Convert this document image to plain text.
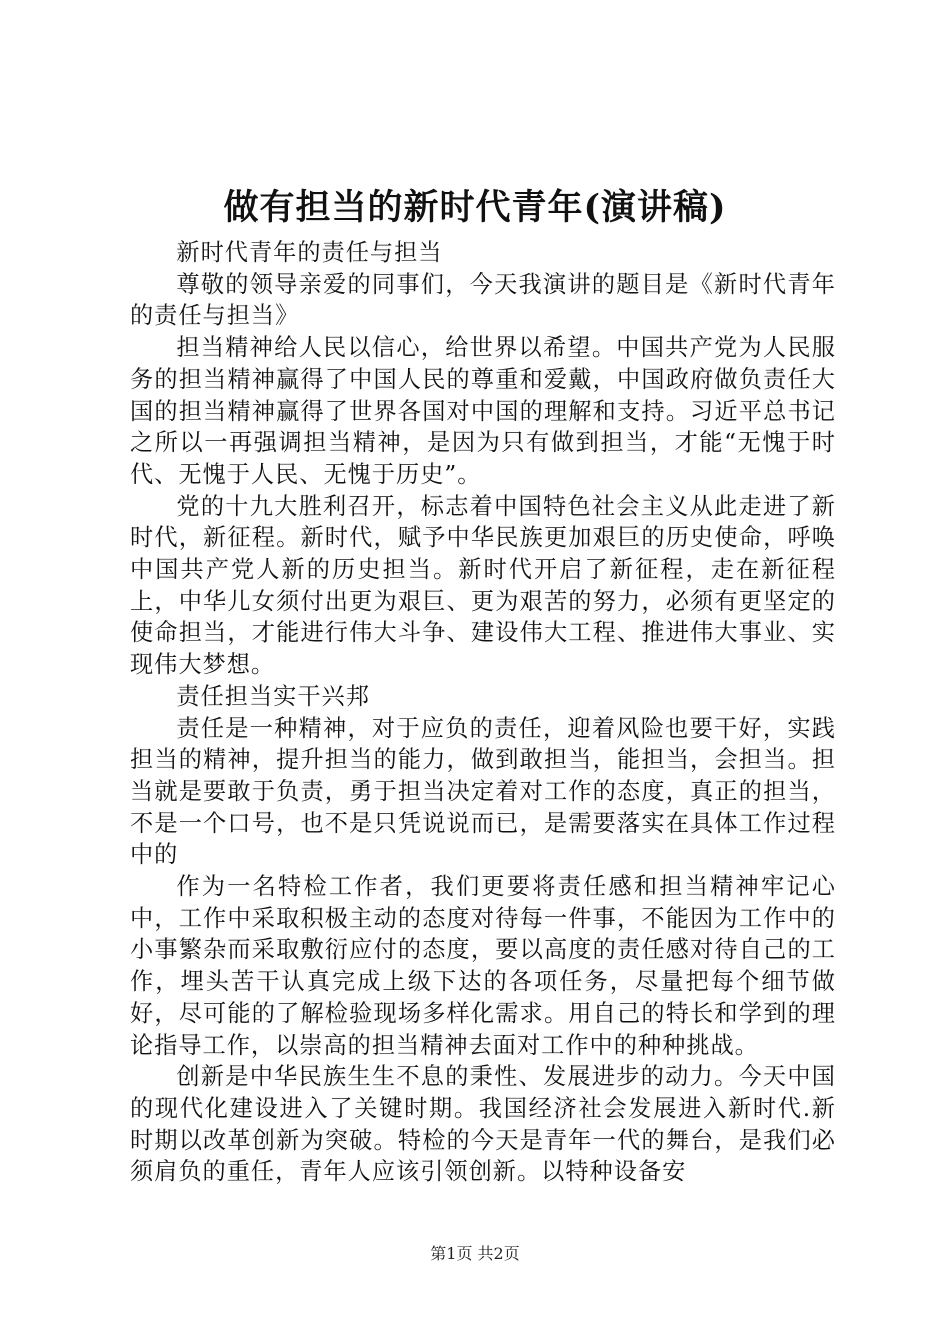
做有担当的新时代青年(演讲稿)

新时代青年的责任与担当

尊敬的领导亲爱的同事们，今天我演讲的题目是《新时代青年的责任与担当》

担当精神给人民以信心，给世界以希望。中国共产党为人民服务的担当精神赢得了中国人民的尊重和爱戴，中国政府做负责任大国的担当精神赢得了世界各国对中国的理解和支持。习近平总书记之所以一再强调担当精神，是因为只有做到担当，才能“无愧于时代、无愧于人民、无愧于历史”。

党的十九大胜利召开，标志着中国特色社会主义从此走进了新时代，新征程。新时代，赋予中华民族更加艰巨的历史使命，呼唤中国共产党人新的历史担当。新时代开启了新征程，走在新征程上，中华儿女须付出更为艰巨、更为艰苦的努力，必须有更坚定的使命担当，才能进行伟大斗争、建设伟大工程、推进伟大事业、实现伟大梦想。

责任担当实干兴邦

责任是一种精神，对于应负的责任，迎着风险也要干好，实践担当的精神，提升担当的能力，做到敢担当，能担当，会担当。担当就是要敢于负责，勇于担当决定着对工作的态度，真正的担当，不是一个口号，也不是只凭说说而已，是需要落实在具体工作过程中的

作为一名特检工作者，我们更要将责任感和担当精神牢记心中，工作中采取积极主动的态度对待每一件事，不能因为工作中的小事繁杂而采取敷衍应付的态度，要以高度的责任感对待自己的工作，埋头苦干认真完成上级下达的各项任务，尽量把每个细节做好，尽可能的了解检验现场多样化需求。用自己的特长和学到的理论指导工作，以崇高的担当精神去面对工作中的种种挑战。

创新是中华民族生生不息的秉性、发展进步的动力。今天中国的现代化建设进入了关键时期。我国经济社会发展进入新时代.新时期以改革创新为突破。特检的今天是青年一代的舞台，是我们必须肩负的重任，青年人应该引领创新。以特种设备安

第1页 共2页
